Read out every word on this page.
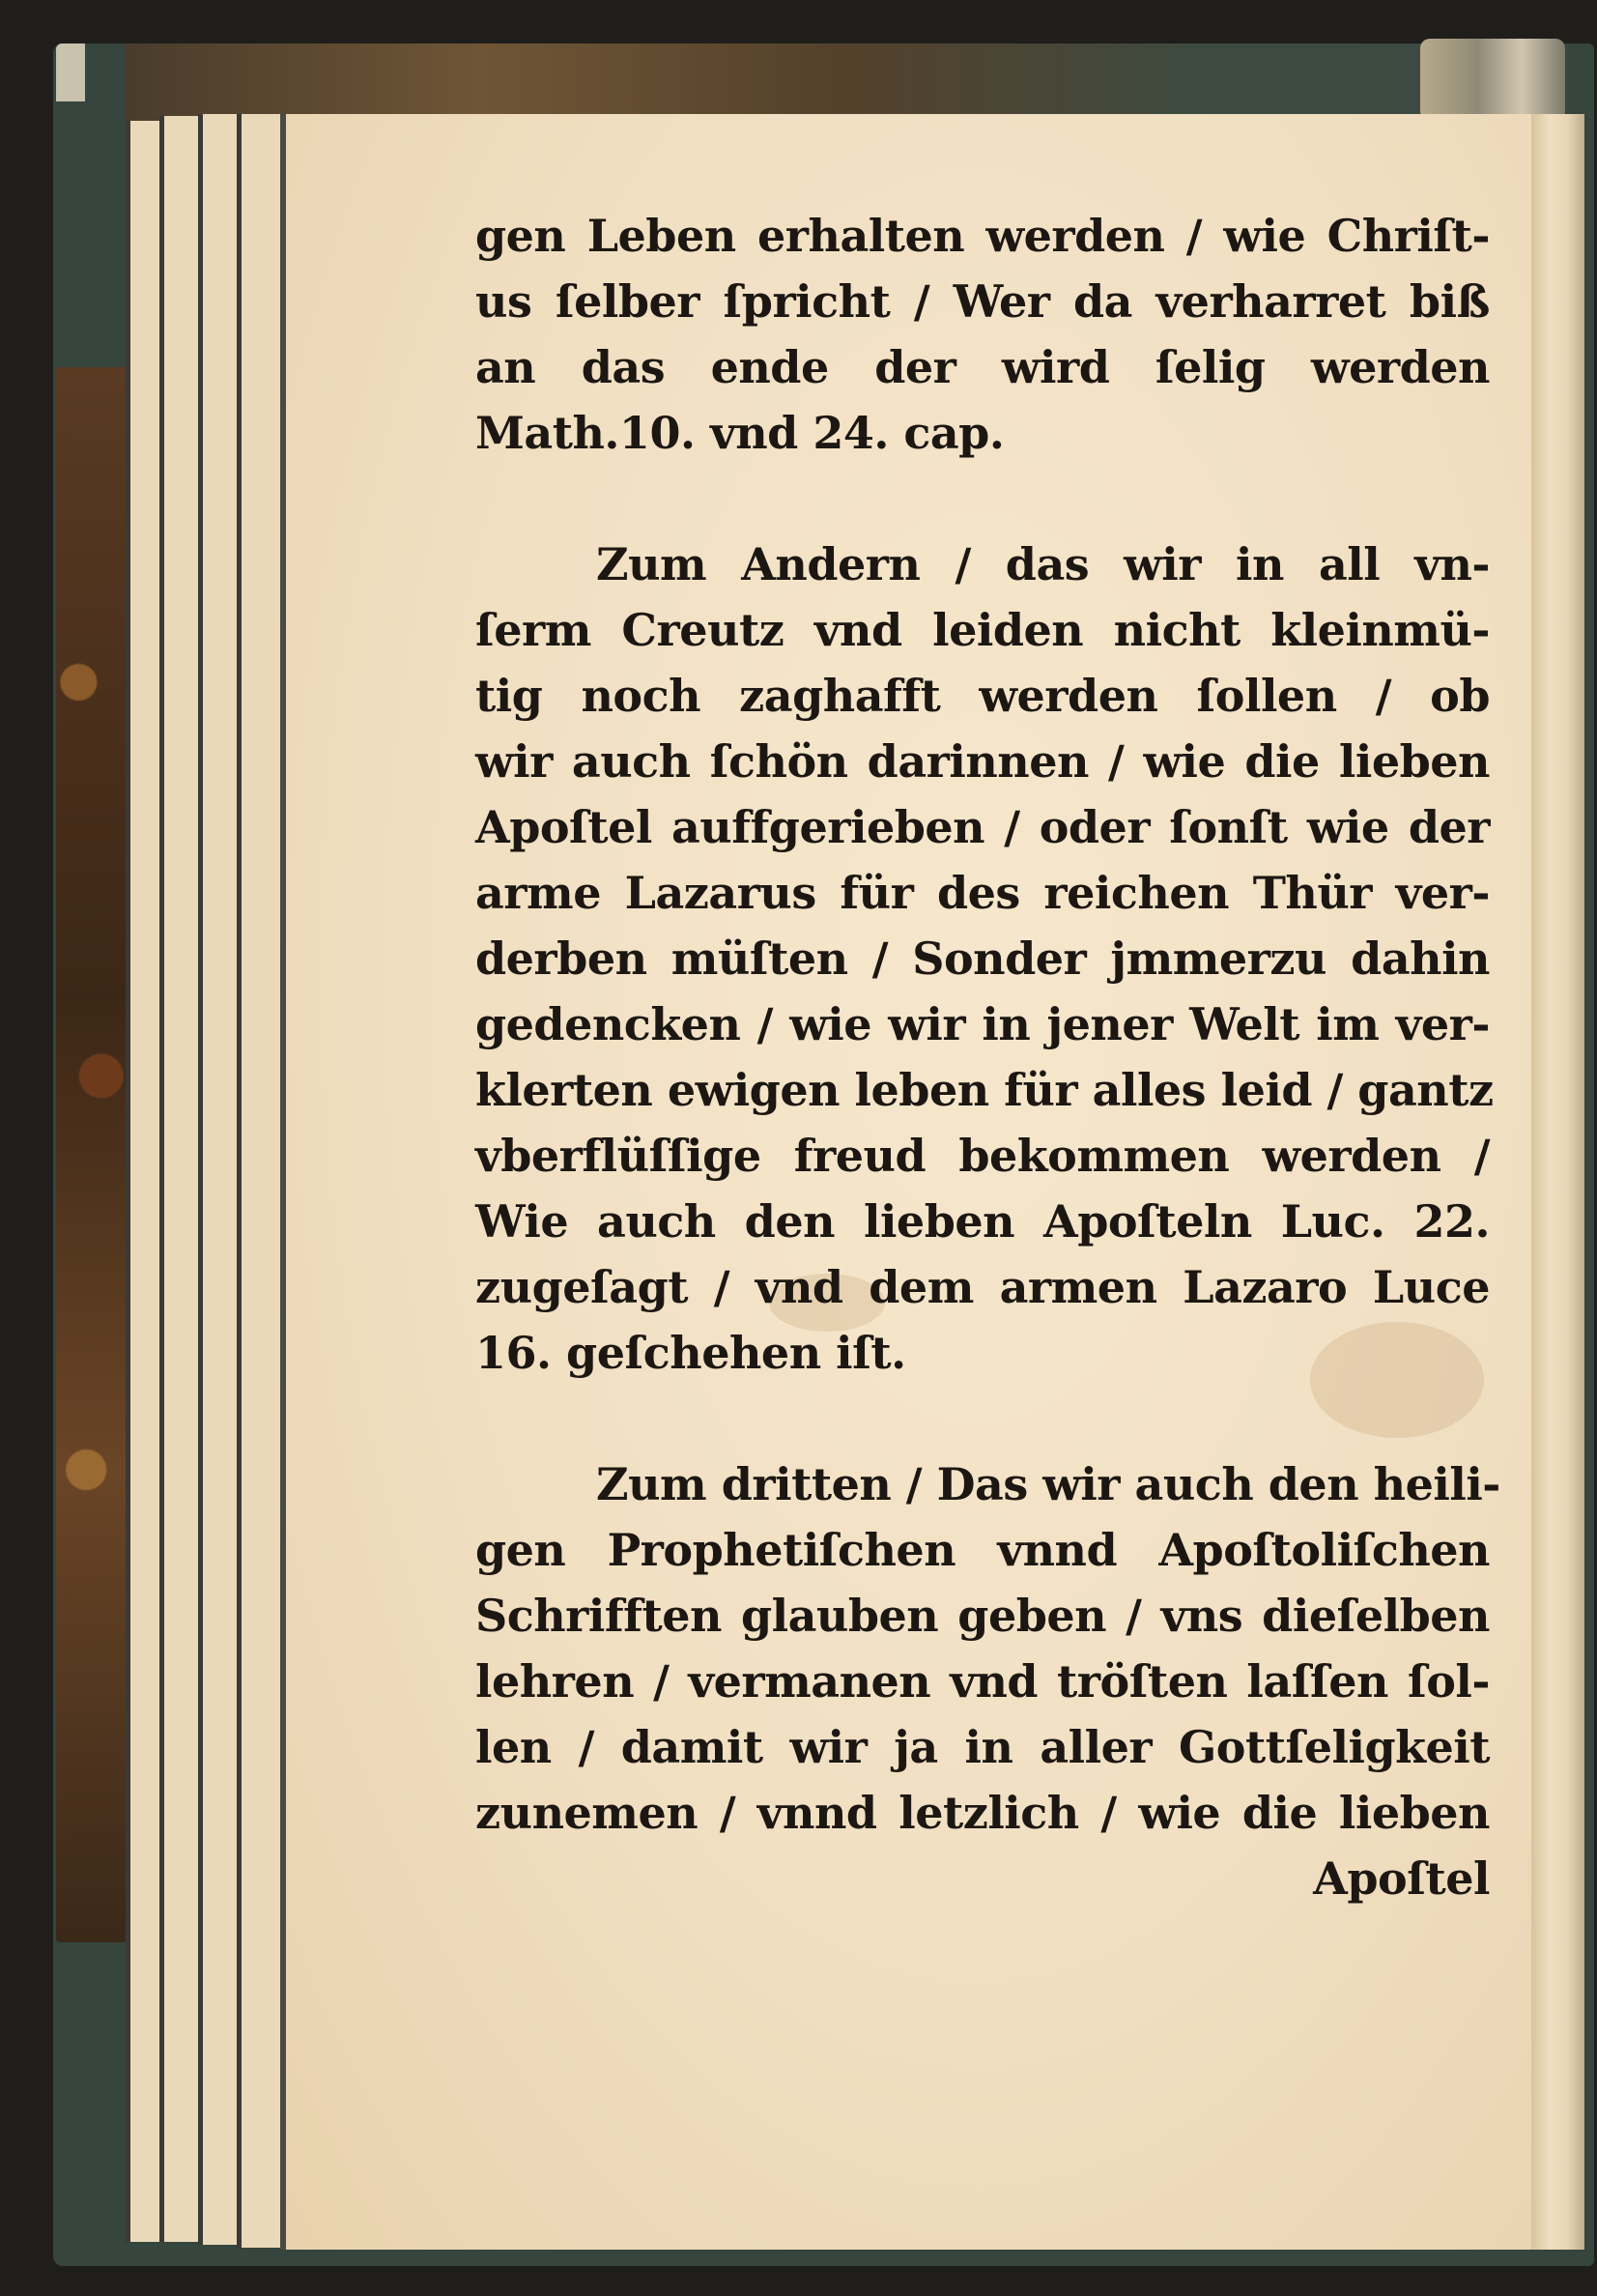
gen Leben erhalten werden / wie Chriſt-
us ſelber ſpricht / Wer da verharret biß
an das ende der wird ſelig werden
Math.10. vnd 24. cap.
Zum Andern / das wir in all vn-
ſerm Creutz vnd leiden nicht kleinmü-
tig noch zaghafft werden ſollen / ob
wir auch ſchön darinnen / wie die lieben
Apoſtel auffgerieben / oder ſonſt wie der
arme Lazarus für des reichen Thür ver-
derben müſten / Sonder jmmerzu dahin
gedencken / wie wir in jener Welt im ver-
klerten ewigen leben für alles leid / gantz
vberflüſſige freud bekommen werden /
Wie auch den lieben Apoſteln Luc. 22.
zugeſagt / vnd dem armen Lazaro Luce
16. geſchehen iſt.
Zum dritten / Das wir auch den heili-
gen Prophetiſchen vnnd Apoſtoliſchen
Schrifften glauben geben / vns dieſelben
lehren / vermanen vnd tröſten laſſen ſol-
len / damit wir ja in aller Gottſeligkeit
zunemen / vnnd letzlich / wie die lieben
Apoſtel
